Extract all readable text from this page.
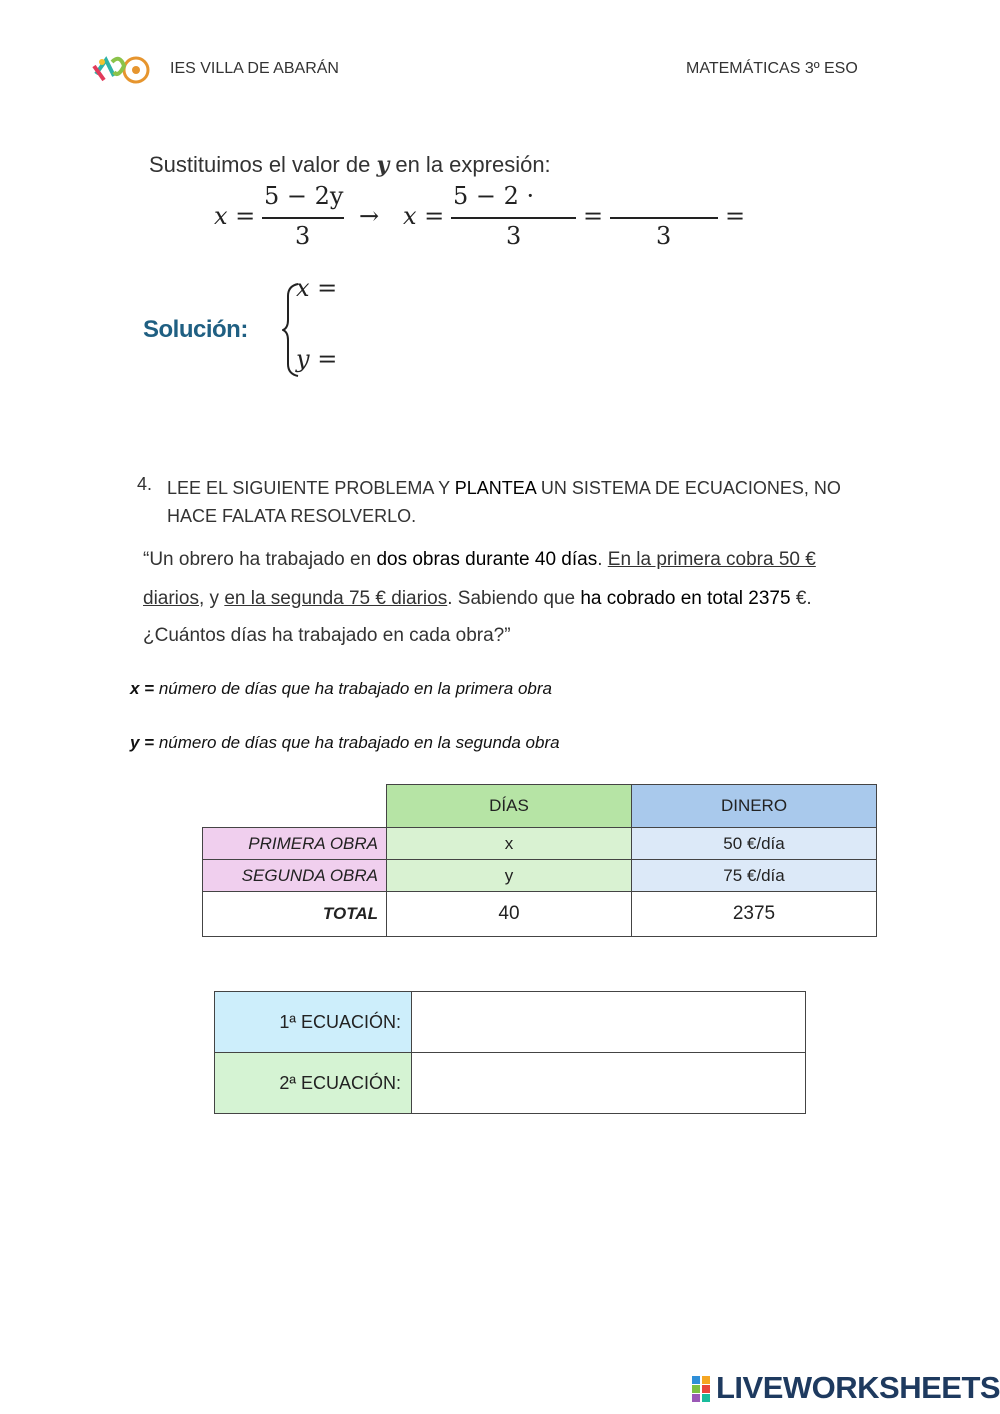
IES VILLA DE ABARÁN	MATEMÁTICAS 3º ESO
Sustituimos el valor de y en la expresión:
x =
5 − 2y
3
→ x =
5 − 2 ·
3
=
3
=
Solución:
x =
y =
4. LEE EL SIGUIENTE PROBLEMA Y PLANTEA UN SISTEMA DE ECUACIONES, NO HACE FALATA RESOLVERLO.
“Un obrero ha trabajado en dos obras durante 40 días. En la primera cobra 50 €
diarios, y en la segunda 75 € diarios. Sabiendo que ha cobrado en total 2375 €.
¿Cuántos días ha trabajado en cada obra?”
x = número de días que ha trabajado en la primera obra
y = número de días que ha trabajado en la segunda obra
	DÍAS	DINERO
PRIMERA OBRA	x	50 €/día
SEGUNDA OBRA	y	75 €/día
TOTAL	40	2375
1ª ECUACIÓN:	
2ª ECUACIÓN:	
LIVEWORKSHEETS
